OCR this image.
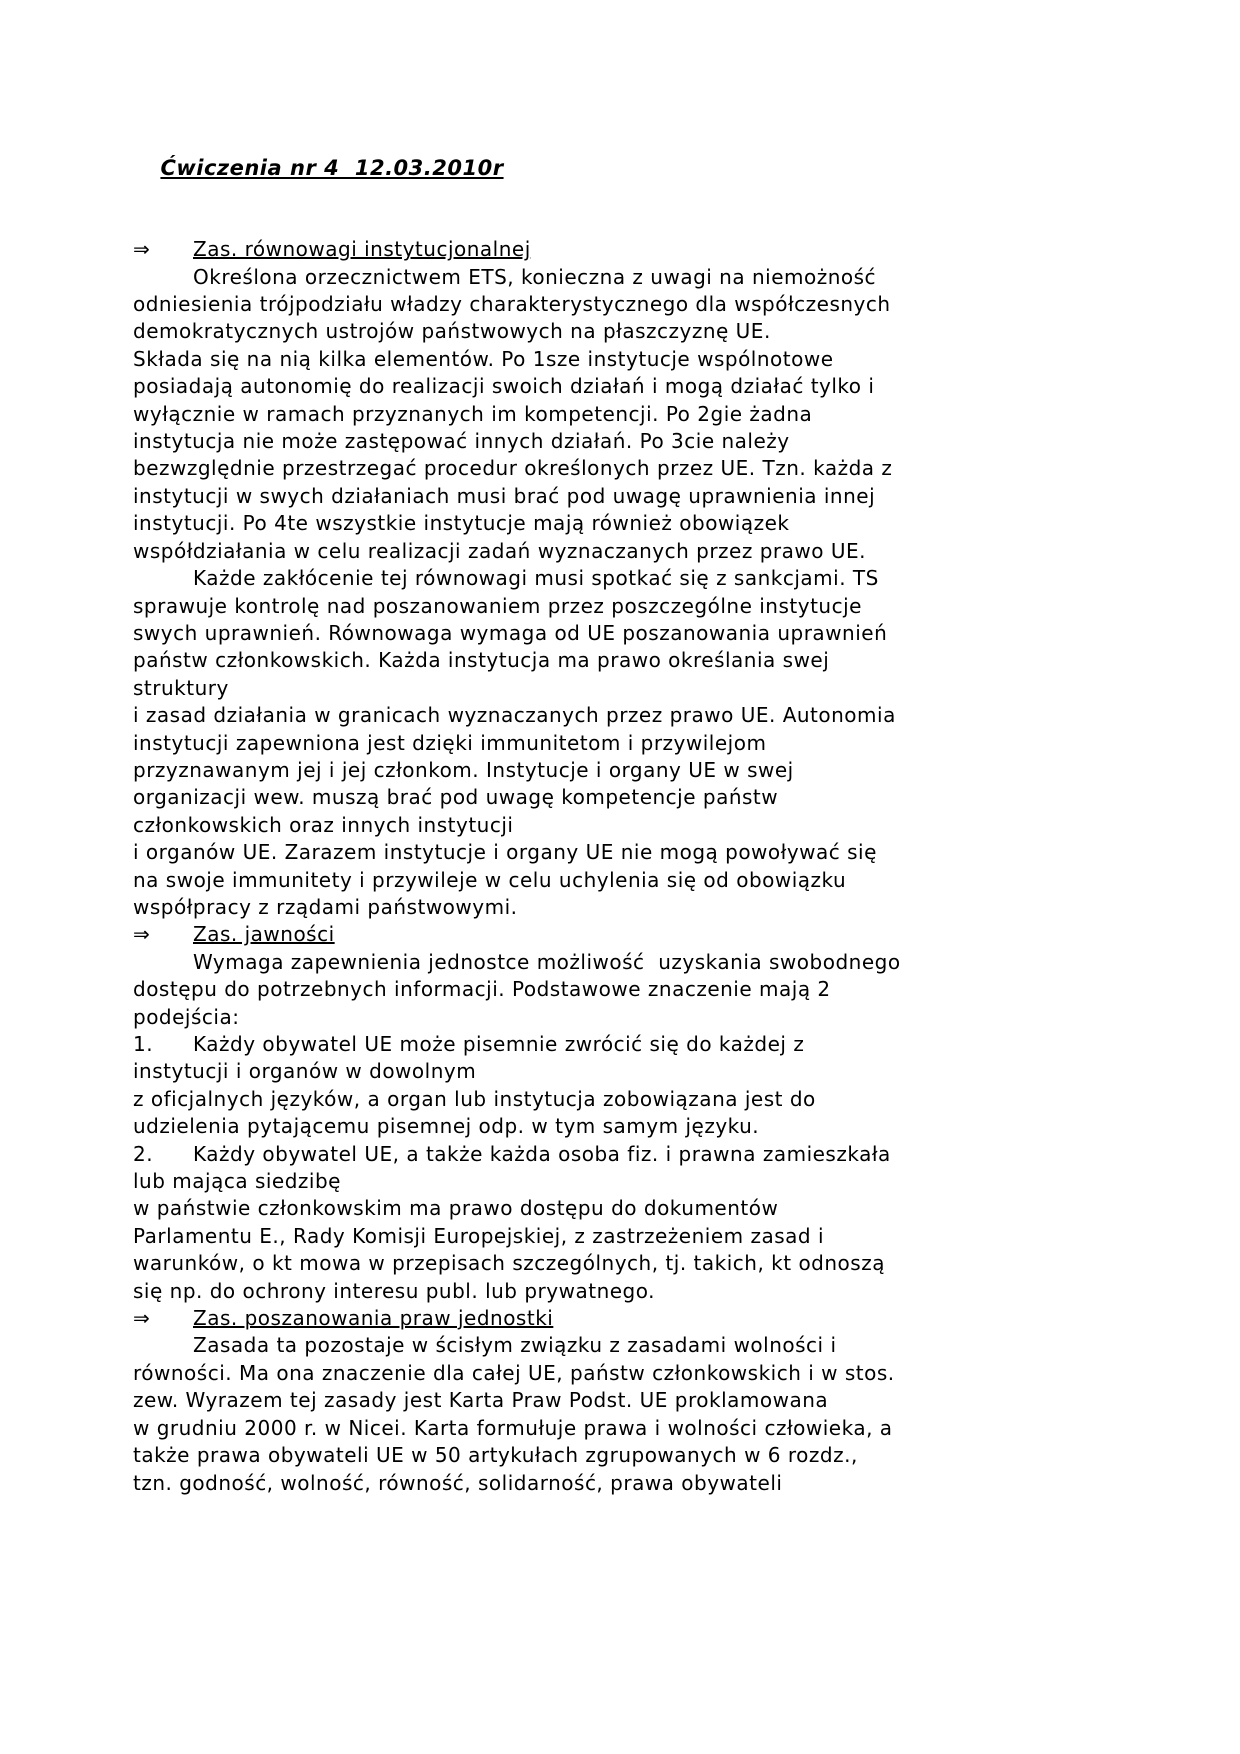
Ćwiczenia nr 4  12.03.2010r

⇒ Zas. równowagi instytucjonalnej
Określona orzecznictwem ETS, konieczna z uwagi na niemożność
odniesienia trójpodziału władzy charakterystycznego dla współczesnych
demokratycznych ustrojów państwowych na płaszczyznę UE.
Składa się na nią kilka elementów. Po 1sze instytucje wspólnotowe
posiadają autonomię do realizacji swoich działań i mogą działać tylko i
wyłącznie w ramach przyznanych im kompetencji. Po 2gie żadna
instytucja nie może zastępować innych działań. Po 3cie należy
bezwzględnie przestrzegać procedur określonych przez UE. Tzn. każda z
instytucji w swych działaniach musi brać pod uwagę uprawnienia innej
instytucji. Po 4te wszystkie instytucje mają również obowiązek
współdziałania w celu realizacji zadań wyznaczanych przez prawo UE.
Każde zakłócenie tej równowagi musi spotkać się z sankcjami. TS
sprawuje kontrolę nad poszanowaniem przez poszczególne instytucje
swych uprawnień. Równowaga wymaga od UE poszanowania uprawnień
państw członkowskich. Każda instytucja ma prawo określania swej
struktury
i zasad działania w granicach wyznaczanych przez prawo UE. Autonomia
instytucji zapewniona jest dzięki immunitetom i przywilejom
przyznawanym jej i jej członkom. Instytucje i organy UE w swej
organizacji wew. muszą brać pod uwagę kompetencje państw
członkowskich oraz innych instytucji
i organów UE. Zarazem instytucje i organy UE nie mogą powoływać się
na swoje immunitety i przywileje w celu uchylenia się od obowiązku
współpracy z rządami państwowymi.
⇒ Zas. jawności
Wymaga zapewnienia jednostce możliwość  uzyskania swobodnego
dostępu do potrzebnych informacji. Podstawowe znaczenie mają 2
podejścia:
1. Każdy obywatel UE może pisemnie zwrócić się do każdej z
instytucji i organów w dowolnym
z oficjalnych języków, a organ lub instytucja zobowiązana jest do
udzielenia pytającemu pisemnej odp. w tym samym języku.
2. Każdy obywatel UE, a także każda osoba fiz. i prawna zamieszkała
lub mająca siedzibę
w państwie członkowskim ma prawo dostępu do dokumentów
Parlamentu E., Rady Komisji Europejskiej, z zastrzeżeniem zasad i
warunków, o kt mowa w przepisach szczególnych, tj. takich, kt odnoszą
się np. do ochrony interesu publ. lub prywatnego.
⇒ Zas. poszanowania praw jednostki
Zasada ta pozostaje w ścisłym związku z zasadami wolności i
równości. Ma ona znaczenie dla całej UE, państw członkowskich i w stos.
zew. Wyrazem tej zasady jest Karta Praw Podst. UE proklamowana
w grudniu 2000 r. w Nicei. Karta formułuje prawa i wolności człowieka, a
także prawa obywateli UE w 50 artykułach zgrupowanych w 6 rozdz.,
tzn. godność, wolność, równość, solidarność, prawa obywateli
